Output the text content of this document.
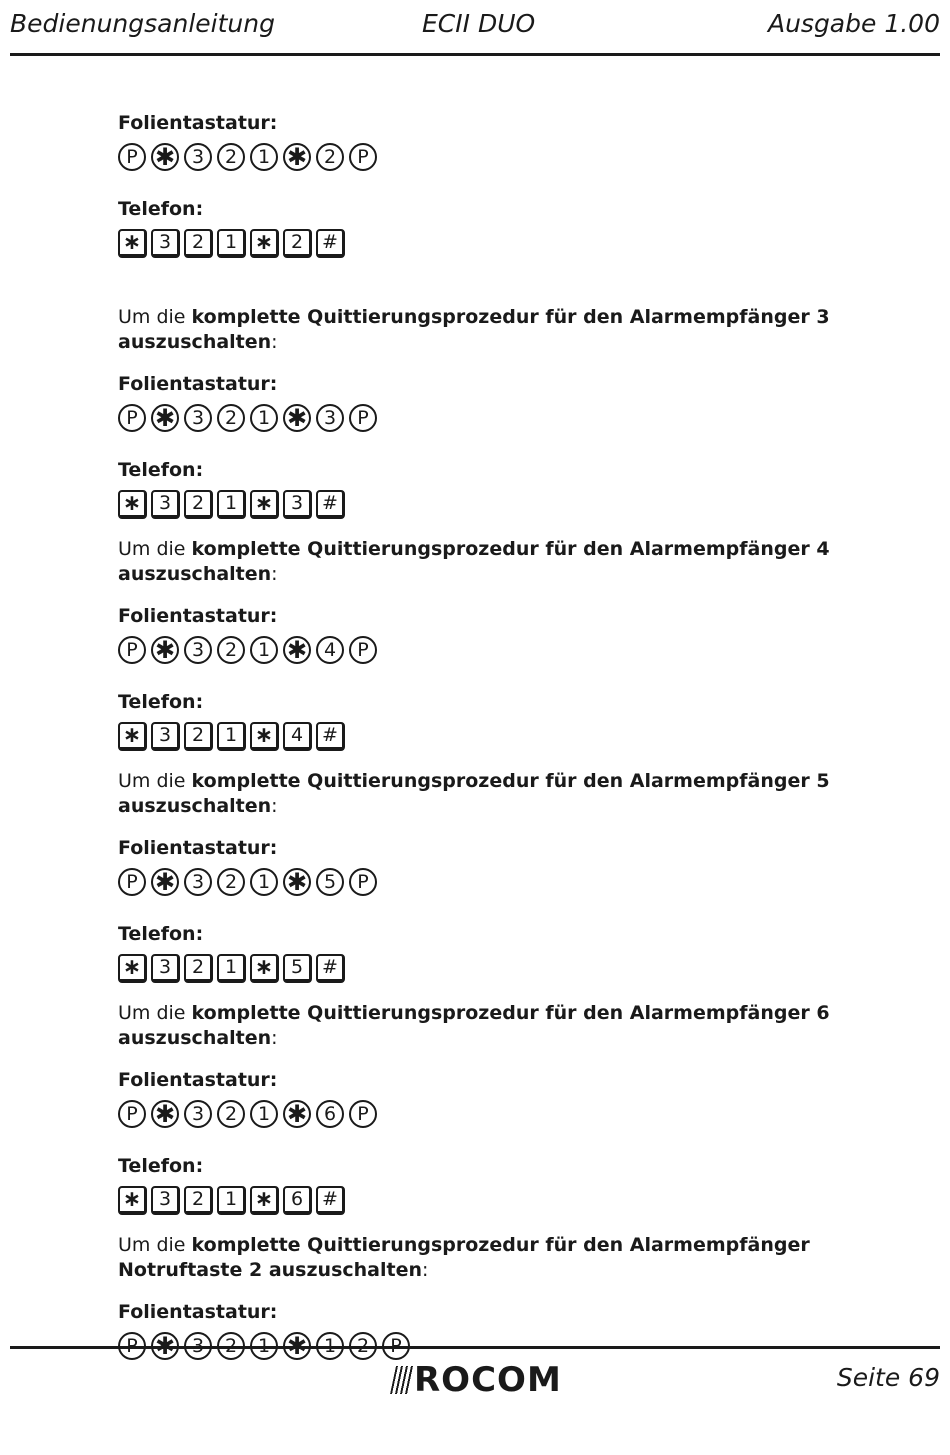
Bedienungsanleitung	ECII DUO	Ausgabe 1.00
Folientastatur:
P ✱ 3	2	1 ✱ 2	P
Telefon:
∗ 3	2	1 ∗ 2 #
Um die komplette Quittierungsprozedur für den Alarmempfänger 3 auszuschalten:
Folientastatur:
P ✱ 3	2	1 ✱ 3	P
Telefon:
∗ 3	2	1 ∗ 3 #
Um die komplette Quittierungsprozedur für den Alarmempfänger 4 auszuschalten:
Folientastatur:
P ✱ 3	2	1 ✱ 4	P
Telefon:
∗ 3	2	1 ∗ 4 #
Um die komplette Quittierungsprozedur für den Alarmempfänger 5 auszuschalten:
Folientastatur:
P ✱ 3	2	1 ✱ 5	P
Telefon:
∗ 3	2	1 ∗ 5 #
Um die komplette Quittierungsprozedur für den Alarmempfänger 6 auszuschalten:
Folientastatur:
P ✱ 3	2	1 ✱ 6	P
Telefon:
∗ 3	2	1 ∗ 6 #
Um die komplette Quittierungsprozedur für den Alarmempfänger Notruftaste 2 auszuschalten:
Folientastatur:
P ✱ 3	2	1 ✱ 1	2	P
ROCOM	Seite 69
